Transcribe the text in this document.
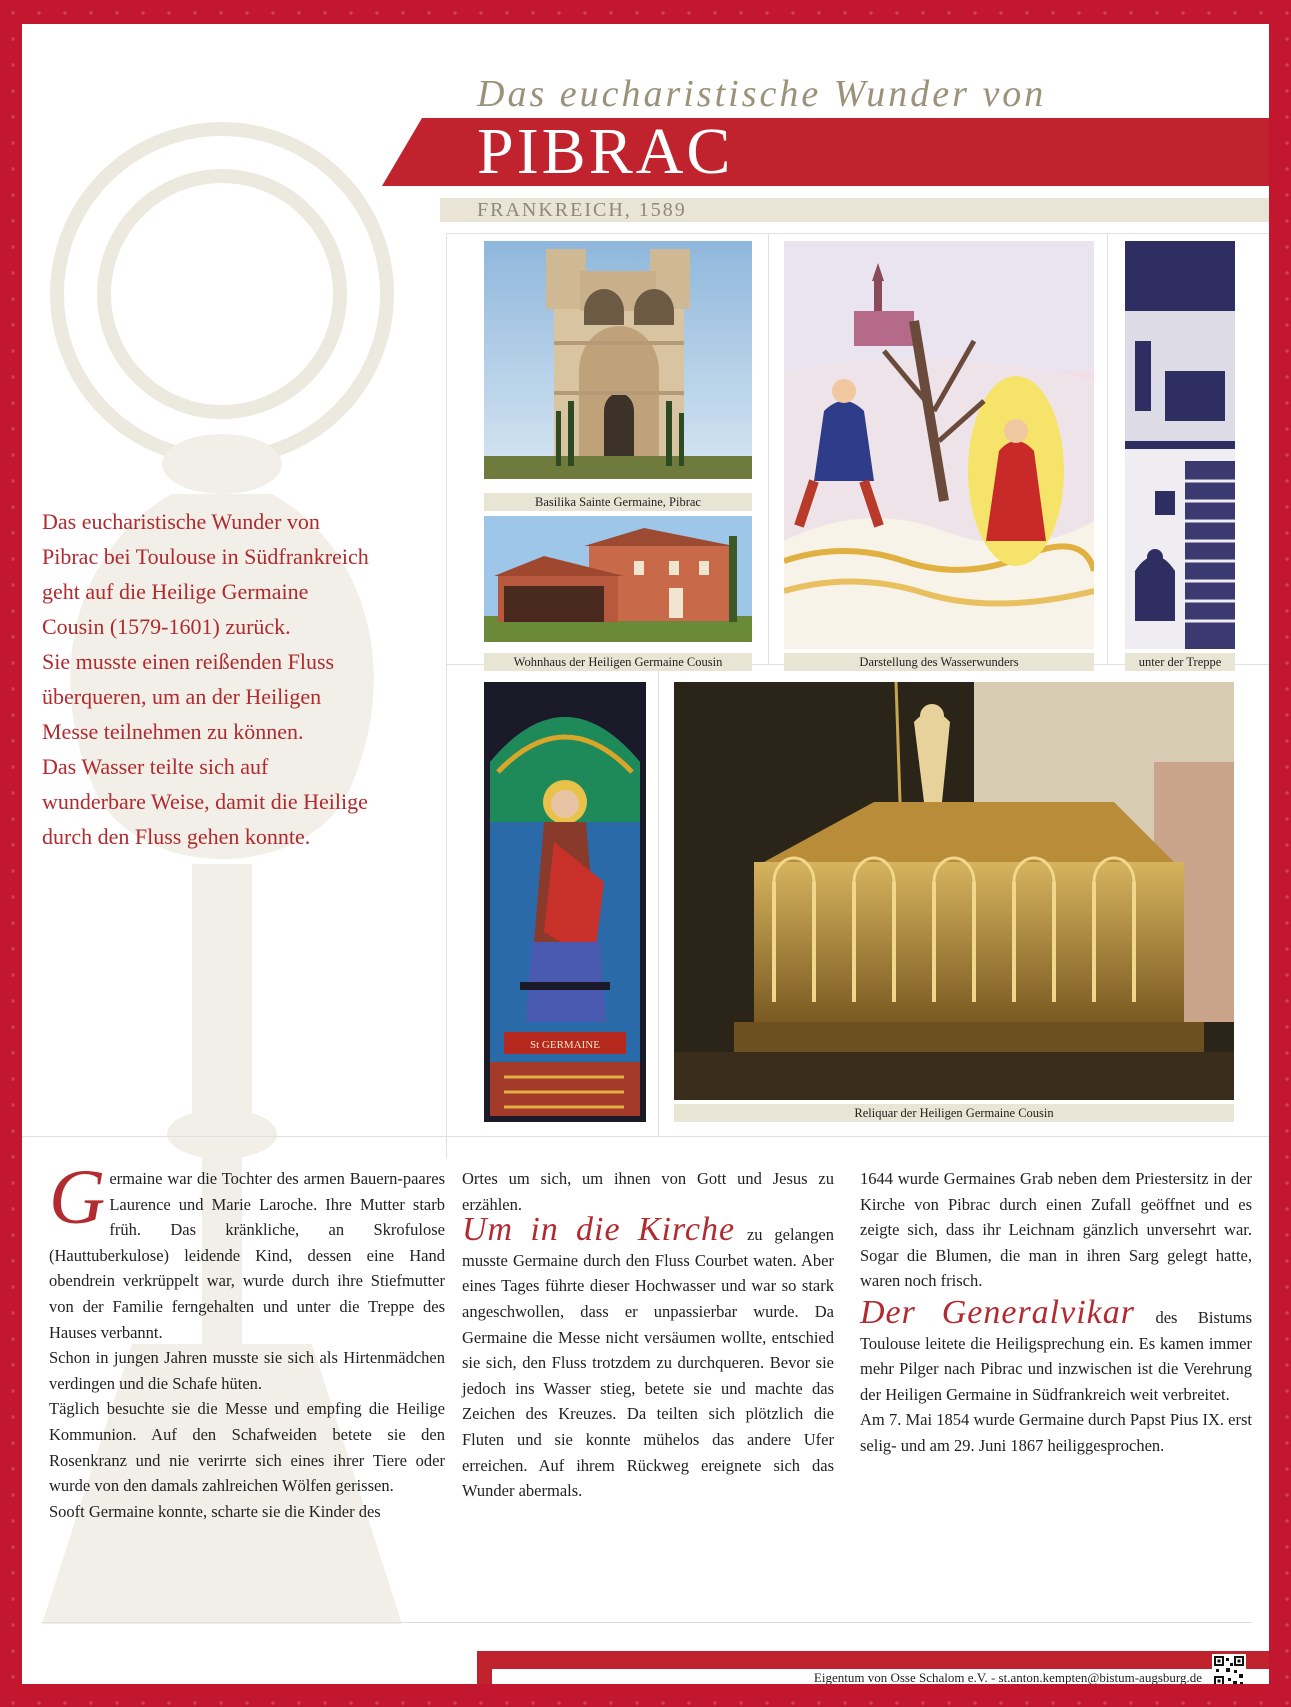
Das eucharistische Wunder von
PIBRAC
FRANKREICH, 1589
Das eucharistische Wunder von
Pibrac bei Toulouse in Südfrankreich
geht auf die Heilige Germaine
Cousin (1579-1601) zurück.
Sie musste einen reißenden Fluss
überqueren, um an der Heiligen
Messe teilnehmen zu können.
Das Wasser teilte sich auf
wunderbare Weise, damit die Heilige
durch den Fluss gehen konnte.
Basilika Sainte Germaine, Pibrac
Wohnhaus der Heiligen Germaine Cousin	Darstellung des Wasserwunders	unter der Treppe
St GERMAINE
Reliquar der Heiligen Germaine Cousin
G ermaine war die Tochter des armen Bauern-paares Laurence und Marie Laroche. Ihre Mutter starb früh. Das kränkliche, an Skrofulose (Hauttuberkulose) leidende Kind, dessen eine Hand obendrein verkrüppelt war, wurde durch ihre Stiefmutter von der Familie ferngehalten und unter die Treppe des Hauses verbannt.

Schon in jungen Jahren musste sie sich als Hirtenmädchen verdingen und die Schafe hüten.

Täglich besuchte sie die Messe und empfing die Heilige Kommunion. Auf den Schafweiden betete sie den Rosenkranz und nie verirrte sich eines ihrer Tiere oder wurde von den damals zahlreichen Wölfen gerissen.

Sooft Germaine konnte, scharte sie die Kinder des

Ortes um sich, um ihnen von Gott und Jesus zu erzählen.

Um in die Kirche zu gelangen musste Germaine durch den Fluss Courbet waten. Aber eines Tages führte dieser Hochwasser und war so stark angeschwollen, dass er unpassierbar wurde. Da Germaine die Messe nicht versäumen wollte, entschied sie sich, den Fluss trotzdem zu durchqueren. Bevor sie jedoch ins Wasser stieg, betete sie und machte das Zeichen des Kreuzes. Da teilten sich plötzlich die Fluten und sie konnte mühelos das andere Ufer erreichen. Auf ihrem Rückweg ereignete sich das Wunder abermals.

1644 wurde Germaines Grab neben dem Priestersitz in der Kirche von Pibrac durch einen Zufall geöffnet und es zeigte sich, dass ihr Leichnam gänzlich unversehrt war. Sogar die Blumen, die man in ihren Sarg gelegt hatte, waren noch frisch.

Der Generalvikar des Bistums Toulouse leitete die Heiligsprechung ein. Es kamen immer mehr Pilger nach Pibrac und inzwischen ist die Verehrung der Heiligen Germaine in Südfrankreich weit verbreitet.

Am 7. Mai 1854 wurde Germaine durch Papst Pius IX. erst selig- und am 29. Juni 1867 heiliggesprochen.

Eigentum von Osse Schalom e.V. - st.anton.kempten@bistum-augsburg.de
